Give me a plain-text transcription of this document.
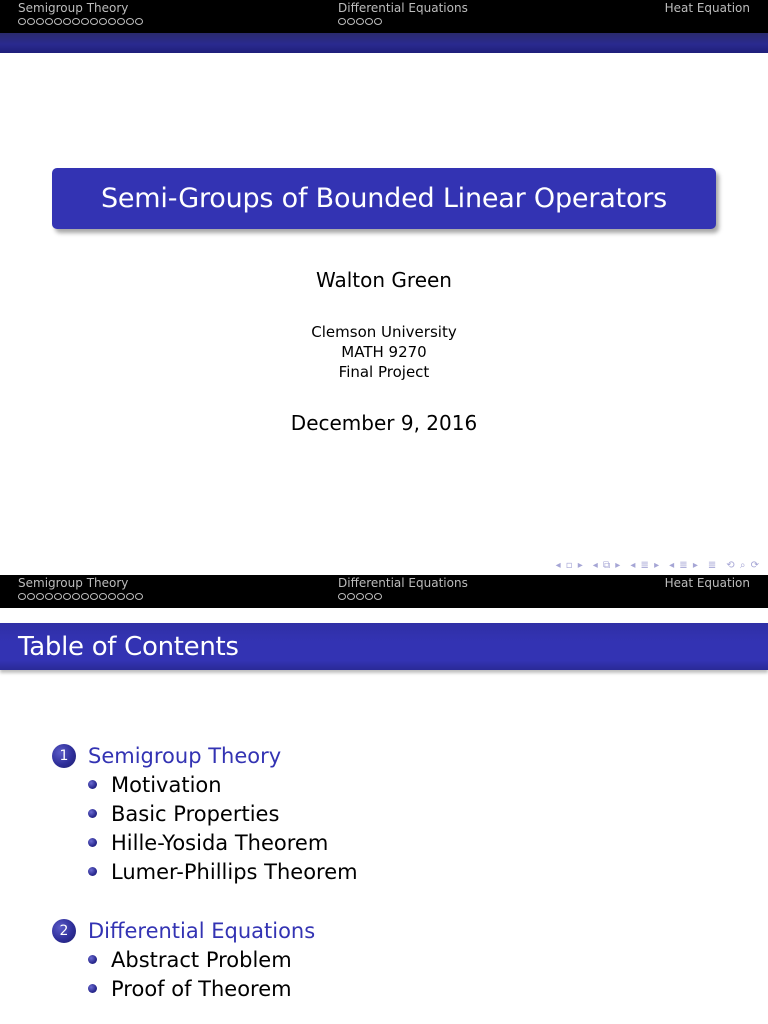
Semigroup Theory	Differential Equations	Heat Equation
Semi-Groups of Bounded Linear Operators
Walton Green
Clemson University
MATH 9270
Final Project
December 9, 2016
◂ ▫ ▸ ◂ ⧉ ▸ ◂ ≣ ▸ ◂ ≣ ▸ ≣ ⟲ ⌕ ⟳
Semigroup Theory	Differential Equations	Heat Equation
Table of Contents
1 Semigroup Theory
Motivation
Basic Properties
Hille-Yosida Theorem
Lumer-Phillips Theorem
2 Differential Equations
Abstract Problem
Proof of Theorem
